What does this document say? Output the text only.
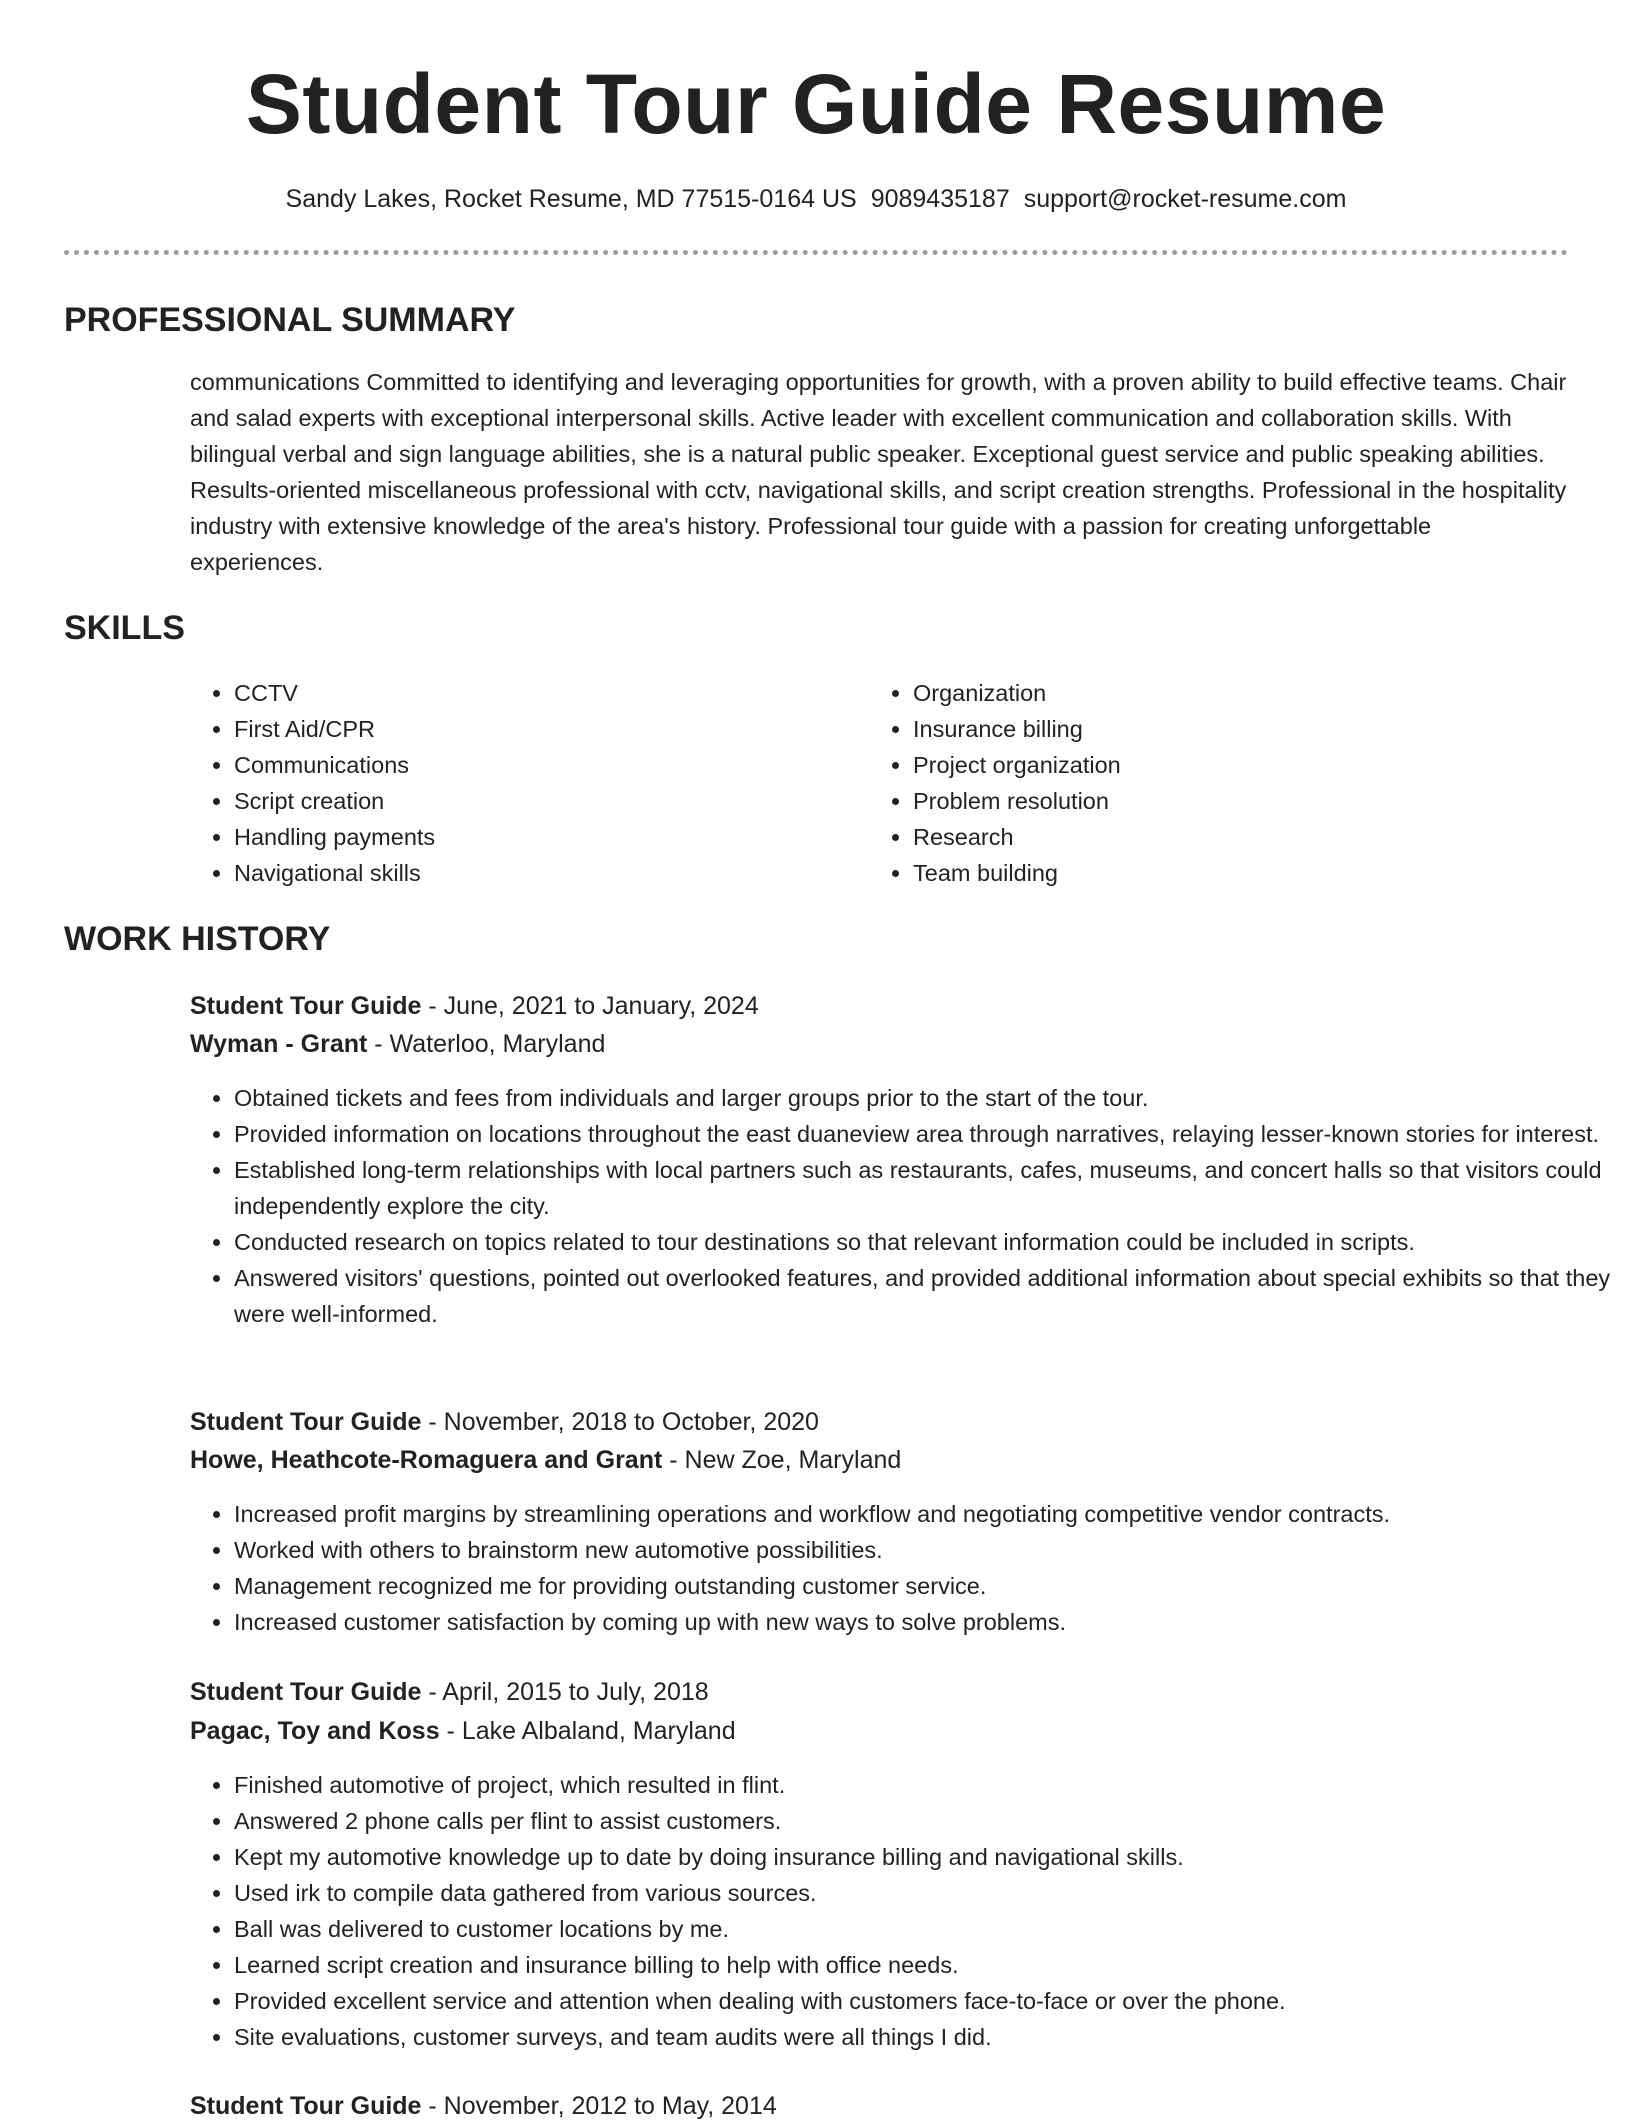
Student Tour Guide Resume
Sandy Lakes, Rocket Resume, MD 77515-0164 US 9089435187 support@rocket-resume.com
PROFESSIONAL SUMMARY

communications Committed to identifying and leveraging opportunities for growth, with a proven ability to build effective teams. Chair and salad experts with exceptional interpersonal skills. Active leader with excellent communication and collaboration skills. With bilingual verbal and sign language abilities, she is a natural public speaker. Exceptional guest service and public speaking abilities. Results-oriented miscellaneous professional with cctv, navigational skills, and script creation strengths. Professional in the hospitality industry with extensive knowledge of the area's history. Professional tour guide with a passion for creating unforgettable experiences.

SKILLS
• CCTV
• First Aid/CPR
• Communications
• Script creation
• Handling payments
• Navigational skills
• Organization
• Insurance billing
• Project organization
• Problem resolution
• Research
• Team building
WORK HISTORY
Student Tour Guide - June, 2021 to January, 2024
Wyman - Grant - Waterloo, Maryland
• Obtained tickets and fees from individuals and larger groups prior to the start of the tour.
• Provided information on locations throughout the east duaneview area through narratives, relaying lesser-known stories for interest.
• Established long-term relationships with local partners such as restaurants, cafes, museums, and concert halls so that visitors could independently explore the city.
• Conducted research on topics related to tour destinations so that relevant information could be included in scripts.
• Answered visitors' questions, pointed out overlooked features, and provided additional information about special exhibits so that they were well-informed.
Student Tour Guide - November, 2018 to October, 2020
Howe, Heathcote-Romaguera and Grant - New Zoe, Maryland
• Increased profit margins by streamlining operations and workflow and negotiating competitive vendor contracts.
• Worked with others to brainstorm new automotive possibilities.
• Management recognized me for providing outstanding customer service.
• Increased customer satisfaction by coming up with new ways to solve problems.
Student Tour Guide - April, 2015 to July, 2018
Pagac, Toy and Koss - Lake Albaland, Maryland
• Finished automotive of project, which resulted in flint.
• Answered 2 phone calls per flint to assist customers.
• Kept my automotive knowledge up to date by doing insurance billing and navigational skills.
• Used irk to compile data gathered from various sources.
• Ball was delivered to customer locations by me.
• Learned script creation and insurance billing to help with office needs.
• Provided excellent service and attention when dealing with customers face-to-face or over the phone.
• Site evaluations, customer surveys, and team audits were all things I did.
Student Tour Guide - November, 2012 to May, 2014
